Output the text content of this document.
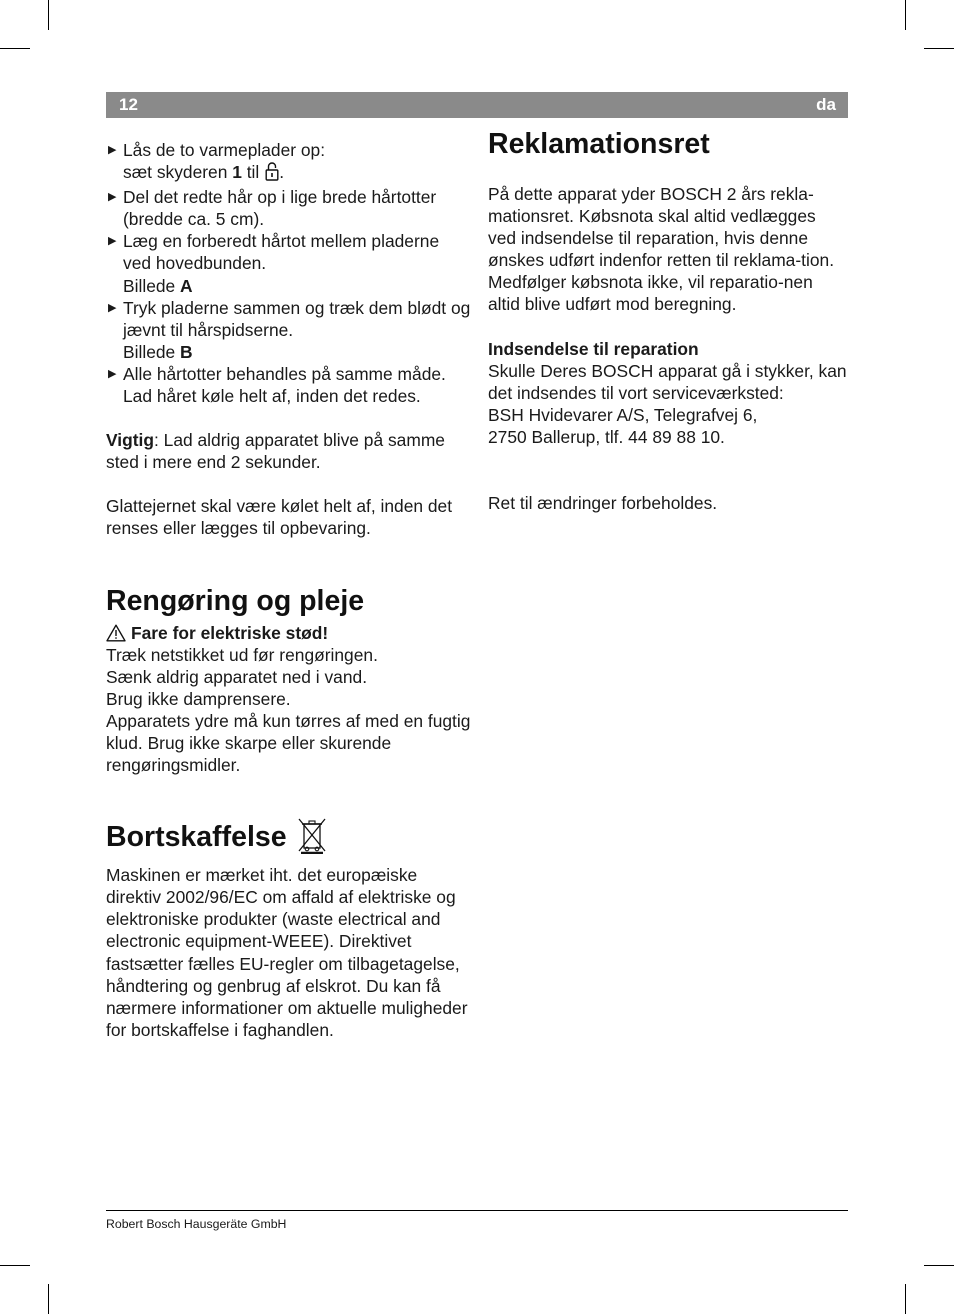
12	da
▶ Lås de to varmeplader op:
sæt skyderen 1 til .
▶ Del det redte hår op i lige brede hårtotter (bredde ca. 5 cm).
▶ Læg en forberedt hårtot mellem pladerne ved hovedbunden.
Billede A
▶ Tryk pladerne sammen og træk dem blødt og jævnt til hårspidserne.
Billede B
▶ Alle hårtotter behandles på samme måde.
Lad håret køle helt af, inden det redes.

Vigtig: Lad aldrig apparatet blive på samme sted i mere end 2 sekunder.

Glattejernet skal være kølet helt af, inden det renses eller lægges til opbevaring.

Rengøring og pleje
Fare for elektriske stød!

Træk netstikket ud før rengøringen.

Sænk aldrig apparatet ned i vand.

Brug ikke damprensere.

Apparatets ydre må kun tørres af med en fugtig klud. Brug ikke skarpe eller skurende rengøringsmidler.

Bortskaffelse

Maskinen er mærket iht. det europæiske direktiv 2002/96/EC om affald af elektriske og elektroniske produkter (waste electrical and electronic equipment-WEEE). Direktivet fastsætter fælles EU-regler om tilbagetagelse, håndtering og genbrug af elskrot. Du kan få nærmere informationer om aktuelle muligheder for bortskaffelse i faghandlen.

Reklamationsret

På dette apparat yder BOSCH 2 års rekla-mationsret. Købsnota skal altid vedlægges ved indsendelse til reparation, hvis denne ønskes udført indenfor retten til reklama-tion. Medfølger købsnota ikke, vil reparatio-nen altid blive udført mod beregning.

Indsendelse til reparation

Skulle Deres BOSCH apparat gå i stykker, kan det indsendes til vort serviceværksted:

BSH Hvidevarer A/S, Telegrafvej 6,

2750 Ballerup, tlf. 44 89 88 10.

Ret til ændringer forbeholdes.

Robert Bosch Hausgeräte GmbH
